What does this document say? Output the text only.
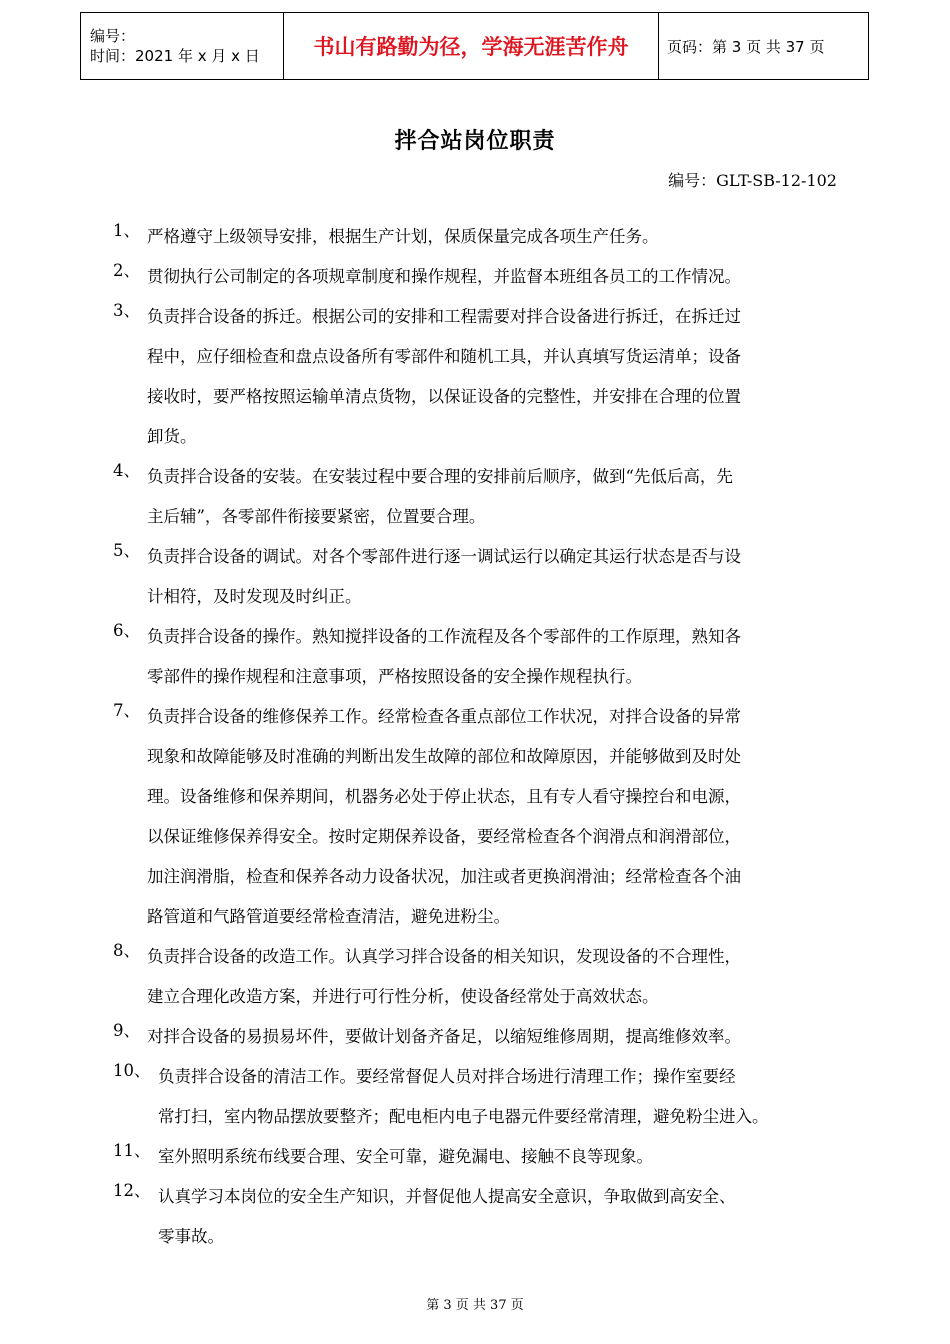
编号：
时间：2021 年 x 月 x 日	书山有路勤为径，学海无涯苦作舟	页码：第 3 页 共 37 页
拌合站岗位职责
编号：GLT-SB-12-102
1、 严格遵守上级领导安排，根据生产计划，保质保量完成各项生产任务。
2、 贯彻执行公司制定的各项规章制度和操作规程，并监督本班组各员工的工作情况。
3、 负责拌合设备的拆迁。根据公司的安排和工程需要对拌合设备进行拆迁，在拆迁过
程中，应仔细检查和盘点设备所有零部件和随机工具，并认真填写货运清单；设备
接收时，要严格按照运输单清点货物，以保证设备的完整性，并安排在合理的位置
卸货。
4、 负责拌合设备的安装。在安装过程中要合理的安排前后顺序，做到“先低后高，先
主后辅”，各零部件衔接要紧密，位置要合理。
5、 负责拌合设备的调试。对各个零部件进行逐一调试运行以确定其运行状态是否与设
计相符，及时发现及时纠正。
6、 负责拌合设备的操作。熟知搅拌设备的工作流程及各个零部件的工作原理，熟知各
零部件的操作规程和注意事项，严格按照设备的安全操作规程执行。
7、 负责拌合设备的维修保养工作。经常检查各重点部位工作状况，对拌合设备的异常
现象和故障能够及时准确的判断出发生故障的部位和故障原因，并能够做到及时处
理。设备维修和保养期间，机器务必处于停止状态，且有专人看守操控台和电源，
以保证维修保养得安全。按时定期保养设备，要经常检查各个润滑点和润滑部位，
加注润滑脂，检查和保养各动力设备状况，加注或者更换润滑油；经常检查各个油
路管道和气路管道要经常检查清洁，避免进粉尘。
8、 负责拌合设备的改造工作。认真学习拌合设备的相关知识，发现设备的不合理性，
建立合理化改造方案，并进行可行性分析，使设备经常处于高效状态。
9、 对拌合设备的易损易坏件，要做计划备齐备足，以缩短维修周期，提高维修效率。
10、 负责拌合设备的清洁工作。要经常督促人员对拌合场进行清理工作；操作室要经
常打扫，室内物品摆放要整齐；配电柜内电子电器元件要经常清理，避免粉尘进入。
11、 室外照明系统布线要合理、安全可靠，避免漏电、接触不良等现象。
12、 认真学习本岗位的安全生产知识，并督促他人提高安全意识，争取做到高安全、
零事故。
第 3 页 共 37 页
